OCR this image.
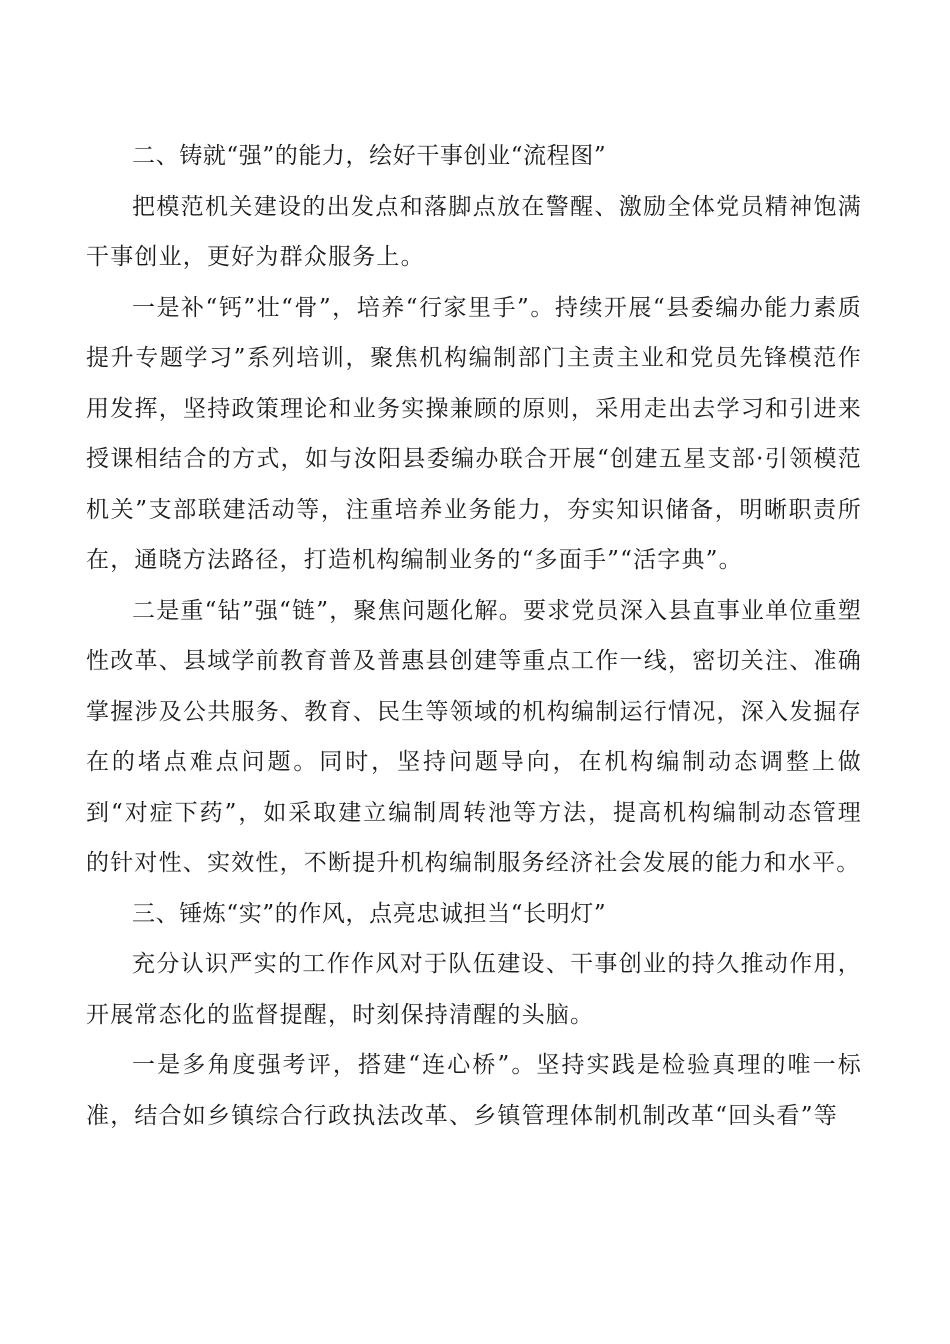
二、铸就“强”的能力，绘好干事创业“流程图”

把模范机关建设的出发点和落脚点放在警醒、激励全体党员精神饱满干事创业，更好为群众服务上。

一是补“钙”壮“骨”，培养“行家里手”。持续开展“县委编办能力素质提升专题学习”系列培训，聚焦机构编制部门主责主业和党员先锋模范作用发挥，坚持政策理论和业务实操兼顾的原则，采用走出去学习和引进来授课相结合的方式，如与汝阳县委编办联合开展“创建五星支部·引领模范机关”支部联建活动等，注重培养业务能力，夯实知识储备，明晰职责所在，通晓方法路径，打造机构编制业务的“多面手”“活字典”。

二是重“钻”强“链”，聚焦问题化解。要求党员深入县直事业单位重塑性改革、县域学前教育普及普惠县创建等重点工作一线，密切关注、准确掌握涉及公共服务、教育、民生等领域的机构编制运行情况，深入发掘存在的堵点难点问题。同时，坚持问题导向，在机构编制动态调整上做到“对症下药”，如采取建立编制周转池等方法，提高机构编制动态管理的针对性、实效性，不断提升机构编制服务经济社会发展的能力和水平。

三、锤炼“实”的作风，点亮忠诚担当“长明灯”

充分认识严实的工作作风对于队伍建设、干事创业的持久推动作用，开展常态化的监督提醒，时刻保持清醒的头脑。

一是多角度强考评，搭建“连心桥”。坚持实践是检验真理的唯一标准，结合如乡镇综合行政执法改革、乡镇管理体制机制改革“回头看”等
